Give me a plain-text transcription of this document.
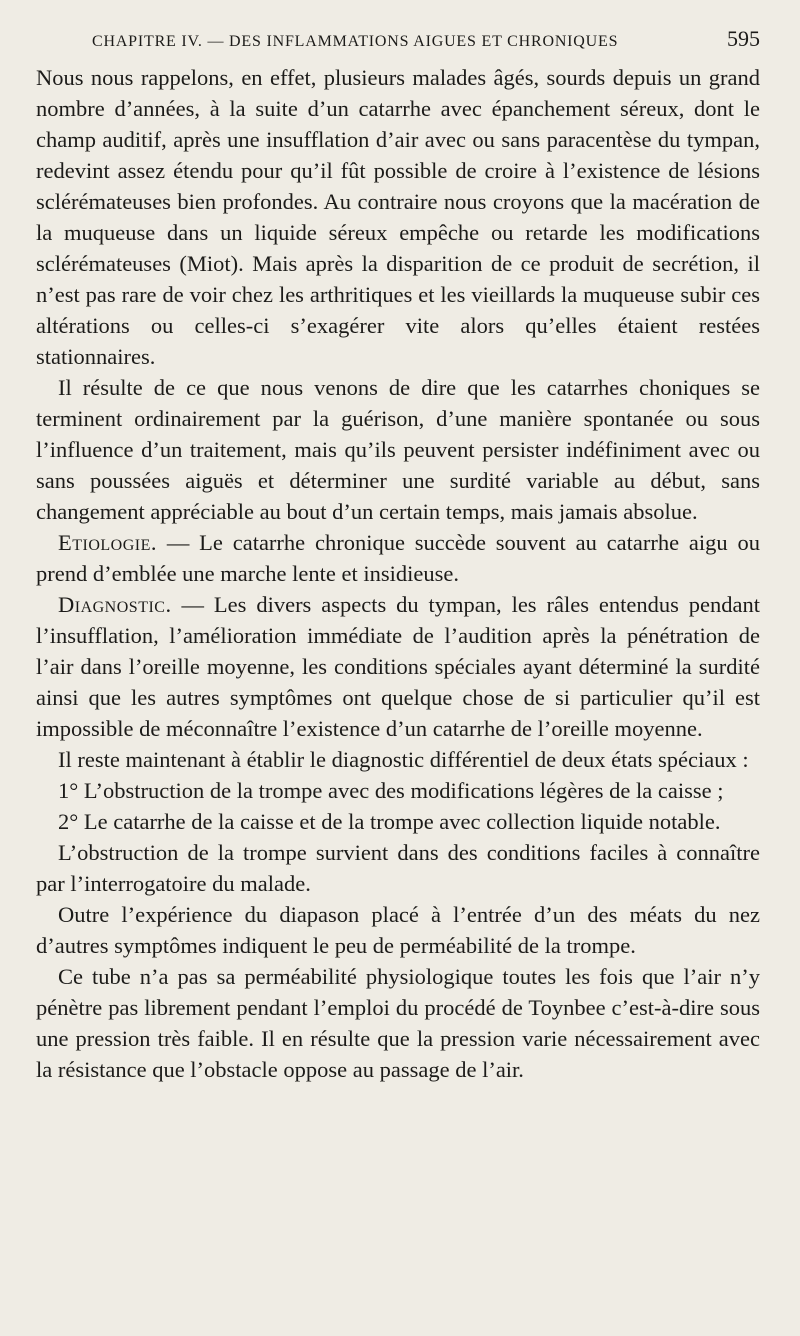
CHAPITRE IV. — DES INFLAMMATIONS AIGUES ET CHRONIQUES	595

Nous nous rappelons, en effet, plusieurs malades âgés, sourds depuis un grand nombre d’années, à la suite d’un catarrhe avec épanchement séreux, dont le champ auditif, après une insufflation d’air avec ou sans paracentèse du tympan, redevint assez étendu pour qu’il fût possible de croire à l’existence de lésions sclérémateuses bien profondes. Au contraire nous croyons que la macération de la muqueuse dans un liquide séreux empêche ou retarde les modifications sclérémateuses (Miot). Mais après la disparition de ce produit de secrétion, il n’est pas rare de voir chez les arthritiques et les vieillards la muqueuse subir ces altérations ou celles-ci s’exagérer vite alors qu’elles étaient restées stationnaires.

Il résulte de ce que nous venons de dire que les catarrhes choniques se terminent ordinairement par la guérison, d’une manière spontanée ou sous l’influence d’un traitement, mais qu’ils peuvent persister indéfiniment avec ou sans poussées aiguës et déterminer une surdité variable au début, sans changement appréciable au bout d’un certain temps, mais jamais absolue.

Etiologie. — Le catarrhe chronique succède souvent au catarrhe aigu ou prend d’emblée une marche lente et insidieuse.

Diagnostic. — Les divers aspects du tympan, les râles entendus pendant l’insufflation, l’amélioration immédiate de l’audition après la pénétration de l’air dans l’oreille moyenne, les conditions spéciales ayant déterminé la surdité ainsi que les autres symptômes ont quelque chose de si particulier qu’il est impossible de méconnaître l’existence d’un catarrhe de l’oreille moyenne.

Il reste maintenant à établir le diagnostic différentiel de deux états spéciaux :

1° L’obstruction de la trompe avec des modifications légères de la caisse ;

2° Le catarrhe de la caisse et de la trompe avec collection liquide notable.

L’obstruction de la trompe survient dans des conditions faciles à connaître par l’interrogatoire du malade.

Outre l’expérience du diapason placé à l’entrée d’un des méats du nez d’autres symptômes indiquent le peu de perméabilité de la trompe.

Ce tube n’a pas sa perméabilité physiologique toutes les fois que l’air n’y pénètre pas librement pendant l’emploi du procédé de Toynbee c’est-à-dire sous une pression très faible. Il en résulte que la pression varie nécessairement avec la résistance que l’obstacle oppose au passage de l’air.
